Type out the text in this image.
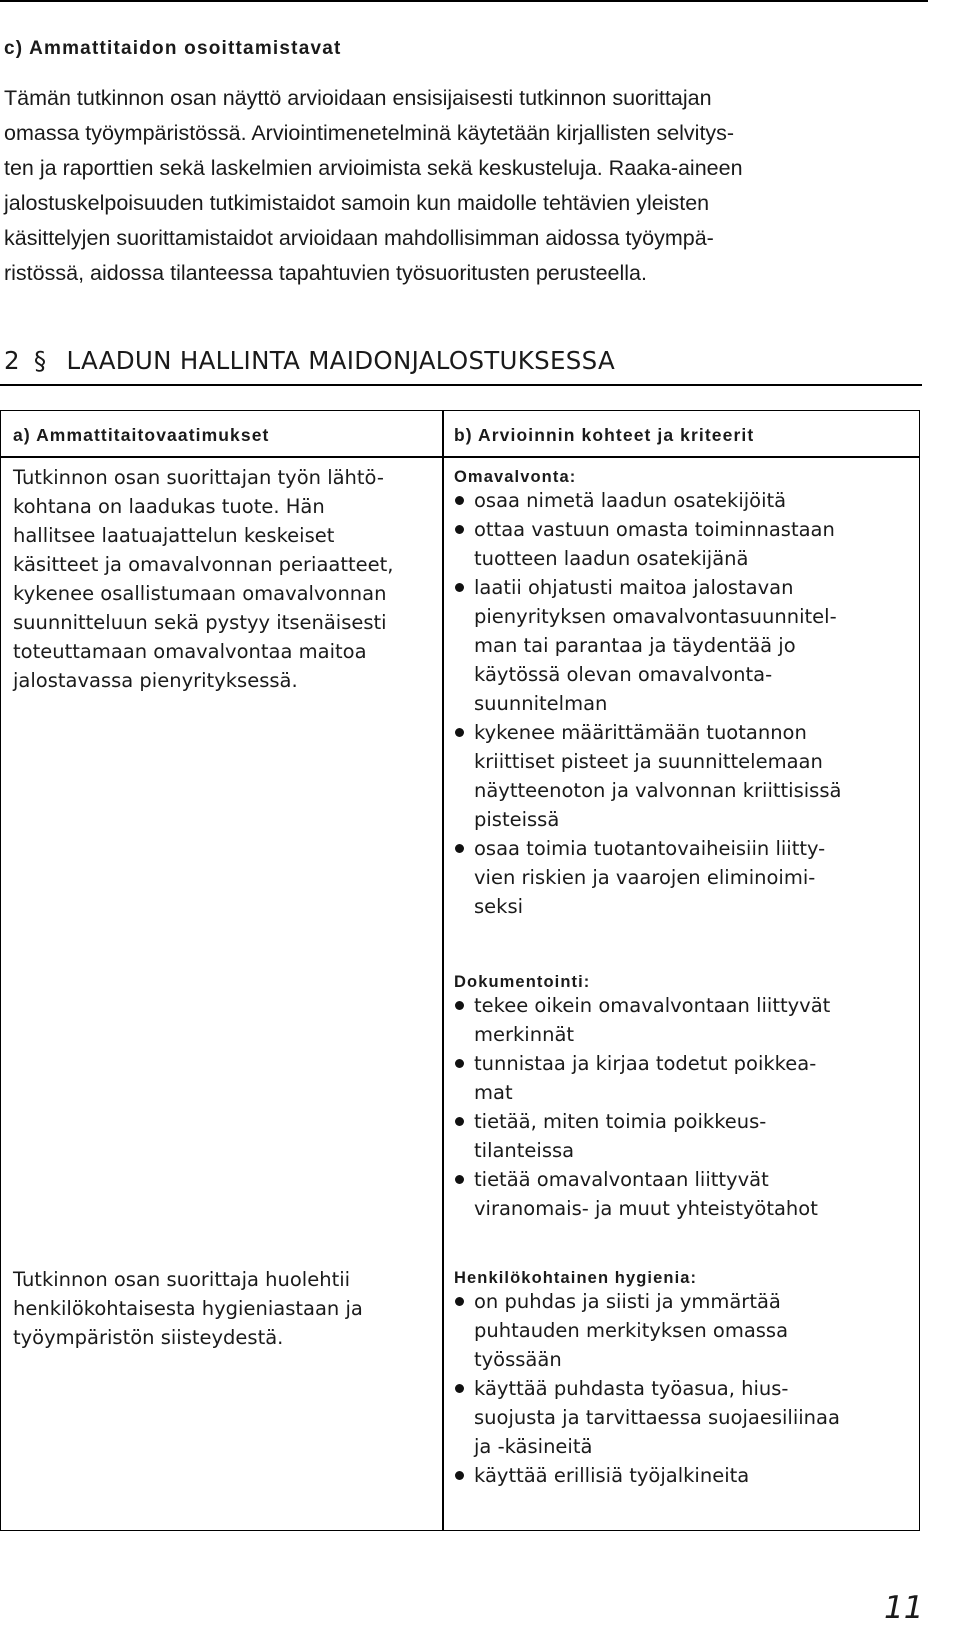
c) Ammattitaidon osoittamistavat

Tämän tutkinnon osan näyttö arvioidaan ensisijaisesti tutkinnon suorittajan
omassa työympäristössä. Arviointimenetelminä käytetään kirjallisten selvitys-
ten ja raporttien sekä laskelmien arvioimista sekä keskusteluja. Raaka-aineen
jalostuskelpoisuuden tutkimistaidot samoin kun maidolle tehtävien yleisten
käsittelyjen suorittamistaidot arvioidaan mahdollisimman aidossa työympä-
ristössä, aidossa tilanteessa tapahtuvien työsuoritusten perusteella.

2 § LAADUN HALLINTA MAIDONJALOSTUKSESSA
a) Ammattitaitovaatimukset	b) Arvioinnin kohteet ja kriteerit

Tutkinnon osan suorittajan työn lähtö-
kohtana on laadukas tuote. Hän
hallitsee laatuajattelun keskeiset
käsitteet ja omavalvonnan periaatteet,
kykenee osallistumaan omavalvonnan
suunnitteluun sekä pystyy itsenäisesti
toteuttamaan omavalvontaa maitoa
jalostavassa pienyrityksessä.

Tutkinnon osan suorittaja huolehtii
henkilökohtaisesta hygieniastaan ja
työympäristön siisteydestä.

Omavalvonta:
osaa nimetä laadun osatekijöitä
ottaa vastuun omasta toiminnastaan
tuotteen laadun osatekijänä
laatii ohjatusti maitoa jalostavan
pienyrityksen omavalvontasuunnitel-
man tai parantaa ja täydentää jo
käytössä olevan omavalvonta-
suunnitelman
kykenee määrittämään tuotannon
kriittiset pisteet ja suunnittelemaan
näytteenoton ja valvonnan kriittisissä
pisteissä
osaa toimia tuotantovaiheisiin liitty-
vien riskien ja vaarojen eliminoimi-
seksi
Dokumentointi:
tekee oikein omavalvontaan liittyvät
merkinnät
tunnistaa ja kirjaa todetut poikkea-
mat
tietää, miten toimia poikkeus-
tilanteissa
tietää omavalvontaan liittyvät
viranomais- ja muut yhteistyötahot
Henkilökohtainen hygienia:
on puhdas ja siisti ja ymmärtää
puhtauden merkityksen omassa
työssään
käyttää puhdasta työasua, hius-
suojusta ja tarvittaessa suojaesiliinaa
ja -käsineitä
käyttää erillisiä työjalkineita
11
